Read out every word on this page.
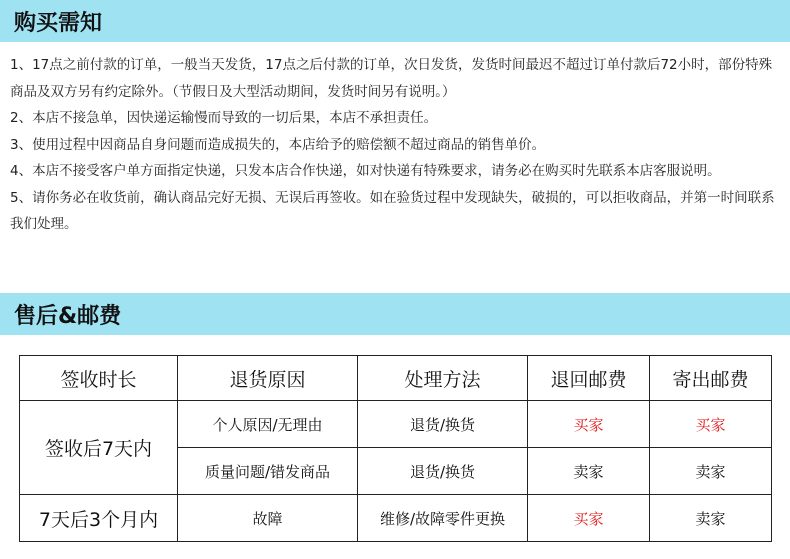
购买需知

1、17点之前付款的订单，一般当天发货，17点之后付款的订单，次日发货，发货时间最迟不超过订单付款后72小时，部份特殊商品及双方另有约定除外。（节假日及大型活动期间，发货时间另有说明。）

2、本店不接急单，因快递运输慢而导致的一切后果，本店不承担责任。

3、使用过程中因商品自身问题而造成损失的，本店给予的赔偿额不超过商品的销售单价。

4、本店不接受客户单方面指定快递，只发本店合作快递，如对快递有特殊要求，请务必在购买时先联系本店客服说明。

5、请你务必在收货前，确认商品完好无损、无误后再签收。如在验货过程中发现缺失，破损的，可以拒收商品，并第一时间联系我们处理。

售后&邮费
签收时长	退货原因	处理方法	退回邮费	寄出邮费
签收后7天内	个人原因/无理由	退货/换货	买家	买家
	质量问题/错发商品	退货/换货	卖家	卖家
7天后3个月内	故障	维修/故障零件更换	买家	卖家
